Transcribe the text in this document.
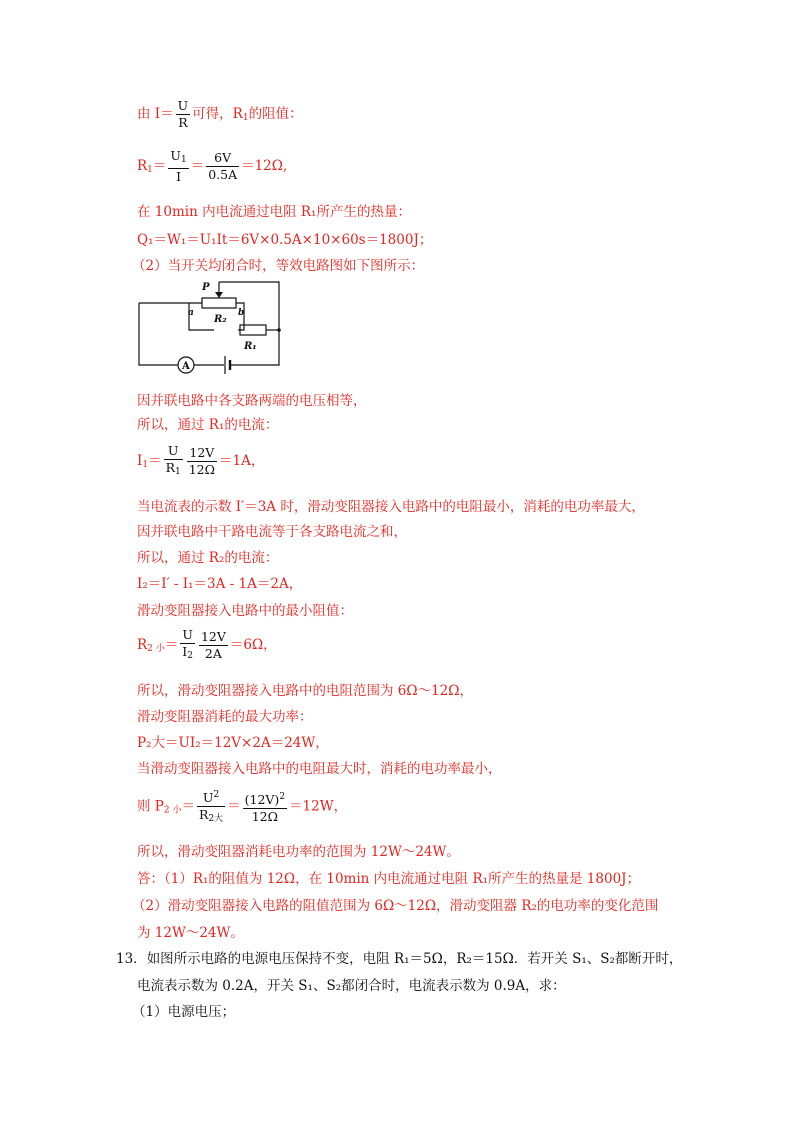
由 $I= \frac{U}{R}$ 可得，$R_1$的阻值：
$R_1= \frac{U_1}{I} = \frac{6V}{0.5A} =12\Omega$,
在 10min 内电流通过电阻 R₁所产生的热量：
Q₁＝W₁＝U₁It＝6V×0.5A×10×60s＝1800J；
（2）当开关均闭合时，等效电路图如下图所示：
P
a	b
R₂
R₁
A
因并联电路中各支路两端的电压相等，
所以，通过 R₁的电流：
$I_1= \frac{U}{R_1} \frac{12V}{12\Omega} =1A$，
当电流表的示数 I′＝3A 时，滑动变阻器接入电路中的电阻最小，消耗的电功率最大，
因并联电路中干路电流等于各支路电流之和，
所以，通过 R₂的电流：
I₂＝I′ - I₁＝3A - 1A＝2A，
滑动变阻器接入电路中的最小阻值：
$R_{2 小}= \frac{U}{I_2} \frac{12V}{2A} =6\Omega$，
所以，滑动变阻器接入电路中的电阻范围为 6Ω～12Ω，
滑动变阻器消耗的最大功率：
P₂大＝UI₂＝12V×2A＝24W，
当滑动变阻器接入电路中的电阻最大时，消耗的电功率最小，
则 $P_{2 小}= \frac{U^2}{R_{2大}} = \frac{(12V)^2}{12\Omega} =12W$，
所以，滑动变阻器消耗电功率的范围为 12W～24W。
答：（1）R₁的阻值为 12Ω，在 10min 内电流通过电阻 R₁所产生的热量是 1800J；
（2）滑动变阻器接入电路的阻值范围为 6Ω～12Ω，滑动变阻器 R₂的电功率的变化范围
为 12W～24W。
13．如图所示电路的电源电压保持不变，电阻 R₁＝5Ω，R₂＝15Ω．若开关 S₁、S₂都断开时，
电流表示数为 0.2A，开关 S₁、S₂都闭合时，电流表示数为 0.9A，求：
（1）电源电压；
